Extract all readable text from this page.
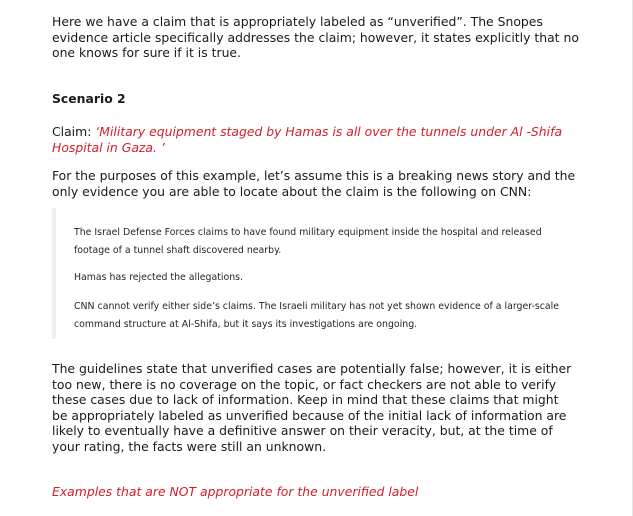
Here we have a claim that is appropriately labeled as “unverified”. The Snopes evidence article specifically addresses the claim; however, it states explicitly that no one knows for sure if it is true.

Scenario 2

Claim: ‘Military equipment staged by Hamas is all over the tunnels under Al -Shifa Hospital in Gaza. ’

For the purposes of this example, let’s assume this is a breaking news story and the only evidence you are able to locate about the claim is the following on CNN:

The Israel Defense Forces claims to have found military equipment inside the hospital and released footage of a tunnel shaft discovered nearby.

Hamas has rejected the allegations.

CNN cannot verify either side’s claims. The Israeli military has not yet shown evidence of a larger-scale command structure at Al-Shifa, but it says its investigations are ongoing.

The guidelines state that unverified cases are potentially false; however, it is either too new, there is no coverage on the topic, or fact checkers are not able to verify these cases due to lack of information. Keep in mind that these claims that might be appropriately labeled as unverified because of the initial lack of information are likely to eventually have a definitive answer on their veracity, but, at the time of your rating, the facts were still an unknown.

Examples that are NOT appropriate for the unverified label
